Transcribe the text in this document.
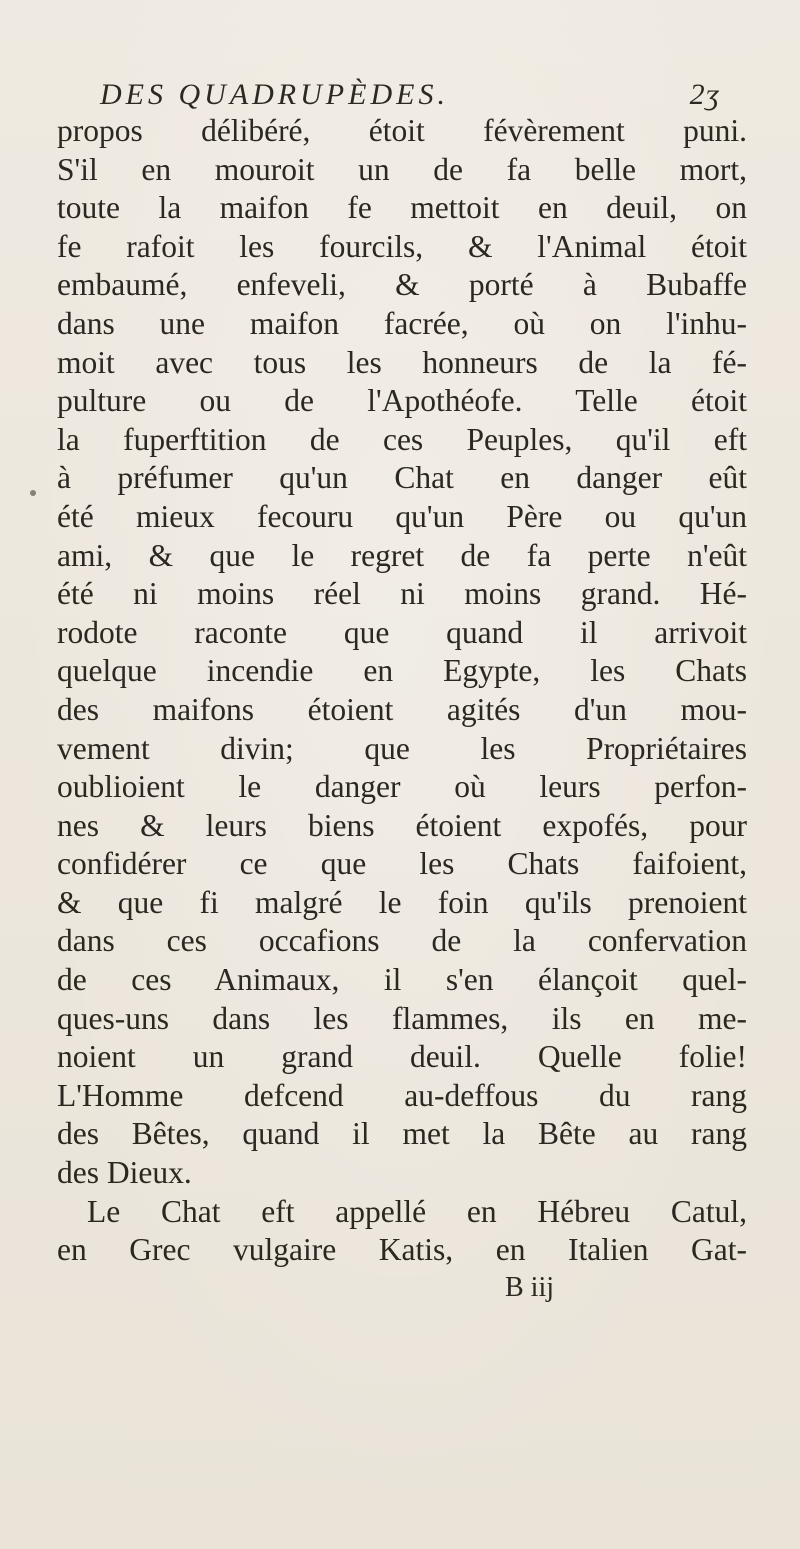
DES QUADRUPÈDES.	2ʒ
propos délibéré, étoit févèrement puni.
S'il en mouroit un de fa belle mort,
toute la maifon fe mettoit en deuil, on
fe rafoit les fourcils, & l'Animal étoit
embaumé, enfeveli, & porté à Bubaffe
dans une maifon facrée, où on l'inhu-
moit avec tous les honneurs de la fé-
pulture ou de l'Apothéofe. Telle étoit
la fuperftition de ces Peuples, qu'il eft
à préfumer qu'un Chat en danger eût
été mieux fecouru qu'un Père ou qu'un
ami, & que le regret de fa perte n'eût
été ni moins réel ni moins grand. Hé-
rodote raconte que quand il arrivoit
quelque incendie en Egypte, les Chats
des maifons étoient agités d'un mou-
vement divin; que les Propriétaires
oublioient le danger où leurs perfon-
nes & leurs biens étoient expofés, pour
confidérer ce que les Chats faifoient,
& que fi malgré le foin qu'ils prenoient
dans ces occafions de la confervation
de ces Animaux, il s'en élançoit quel-
ques-uns dans les flammes, ils en me-
noient un grand deuil. Quelle folie!
L'Homme defcend au-deffous du rang
des Bêtes, quand il met la Bête au rang
des Dieux.
Le Chat eft appellé en Hébreu Catul,
en Grec vulgaire Katis, en Italien Gat-
B iij
